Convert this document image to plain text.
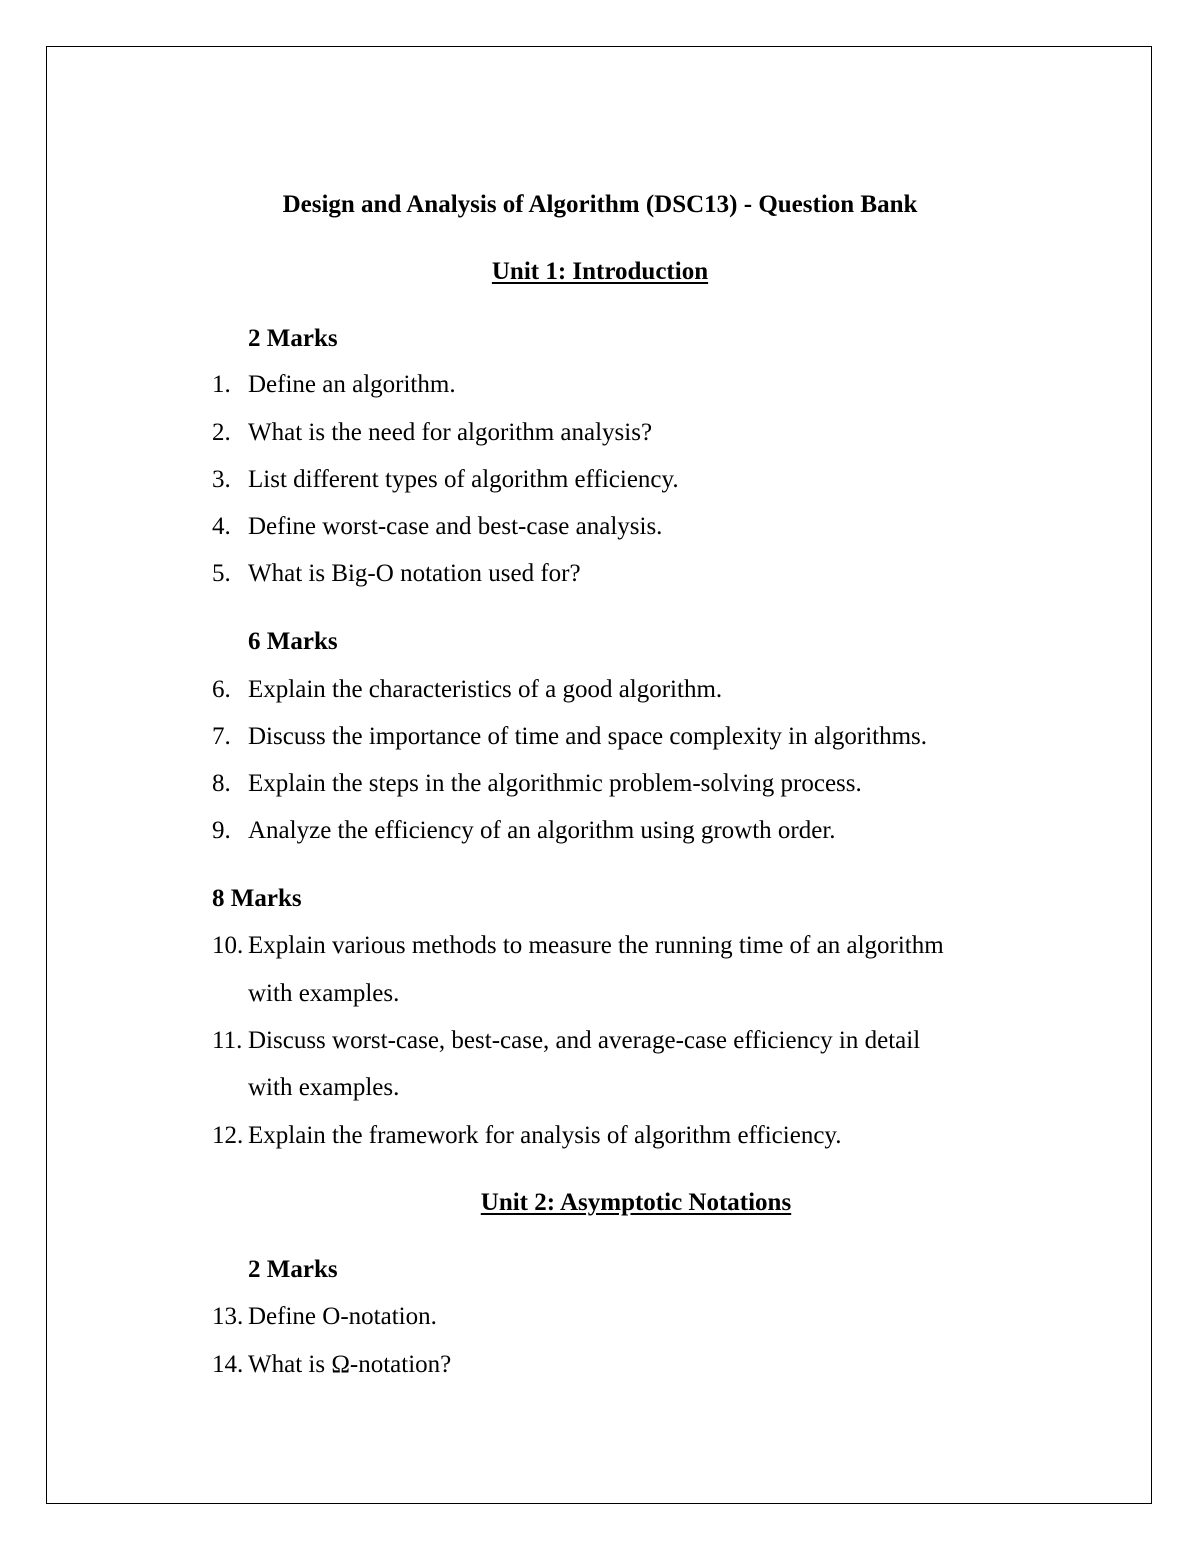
Design and Analysis of Algorithm (DSC13) - Question Bank
Unit 1: Introduction
2 Marks
1. Define an algorithm.
2. What is the need for algorithm analysis?
3. List different types of algorithm efficiency.
4. Define worst-case and best-case analysis.
5. What is Big-O notation used for?
6 Marks
6. Explain the characteristics of a good algorithm.
7. Discuss the importance of time and space complexity in algorithms.
8. Explain the steps in the algorithmic problem-solving process.
9. Analyze the efficiency of an algorithm using growth order.
8 Marks
10. Explain various methods to measure the running time of an algorithm
with examples.
11. Discuss worst-case, best-case, and average-case efficiency in detail
with examples.
12. Explain the framework for analysis of algorithm efficiency.
Unit 2: Asymptotic Notations
2 Marks
13. Define O-notation.
14. What is Ω-notation?
